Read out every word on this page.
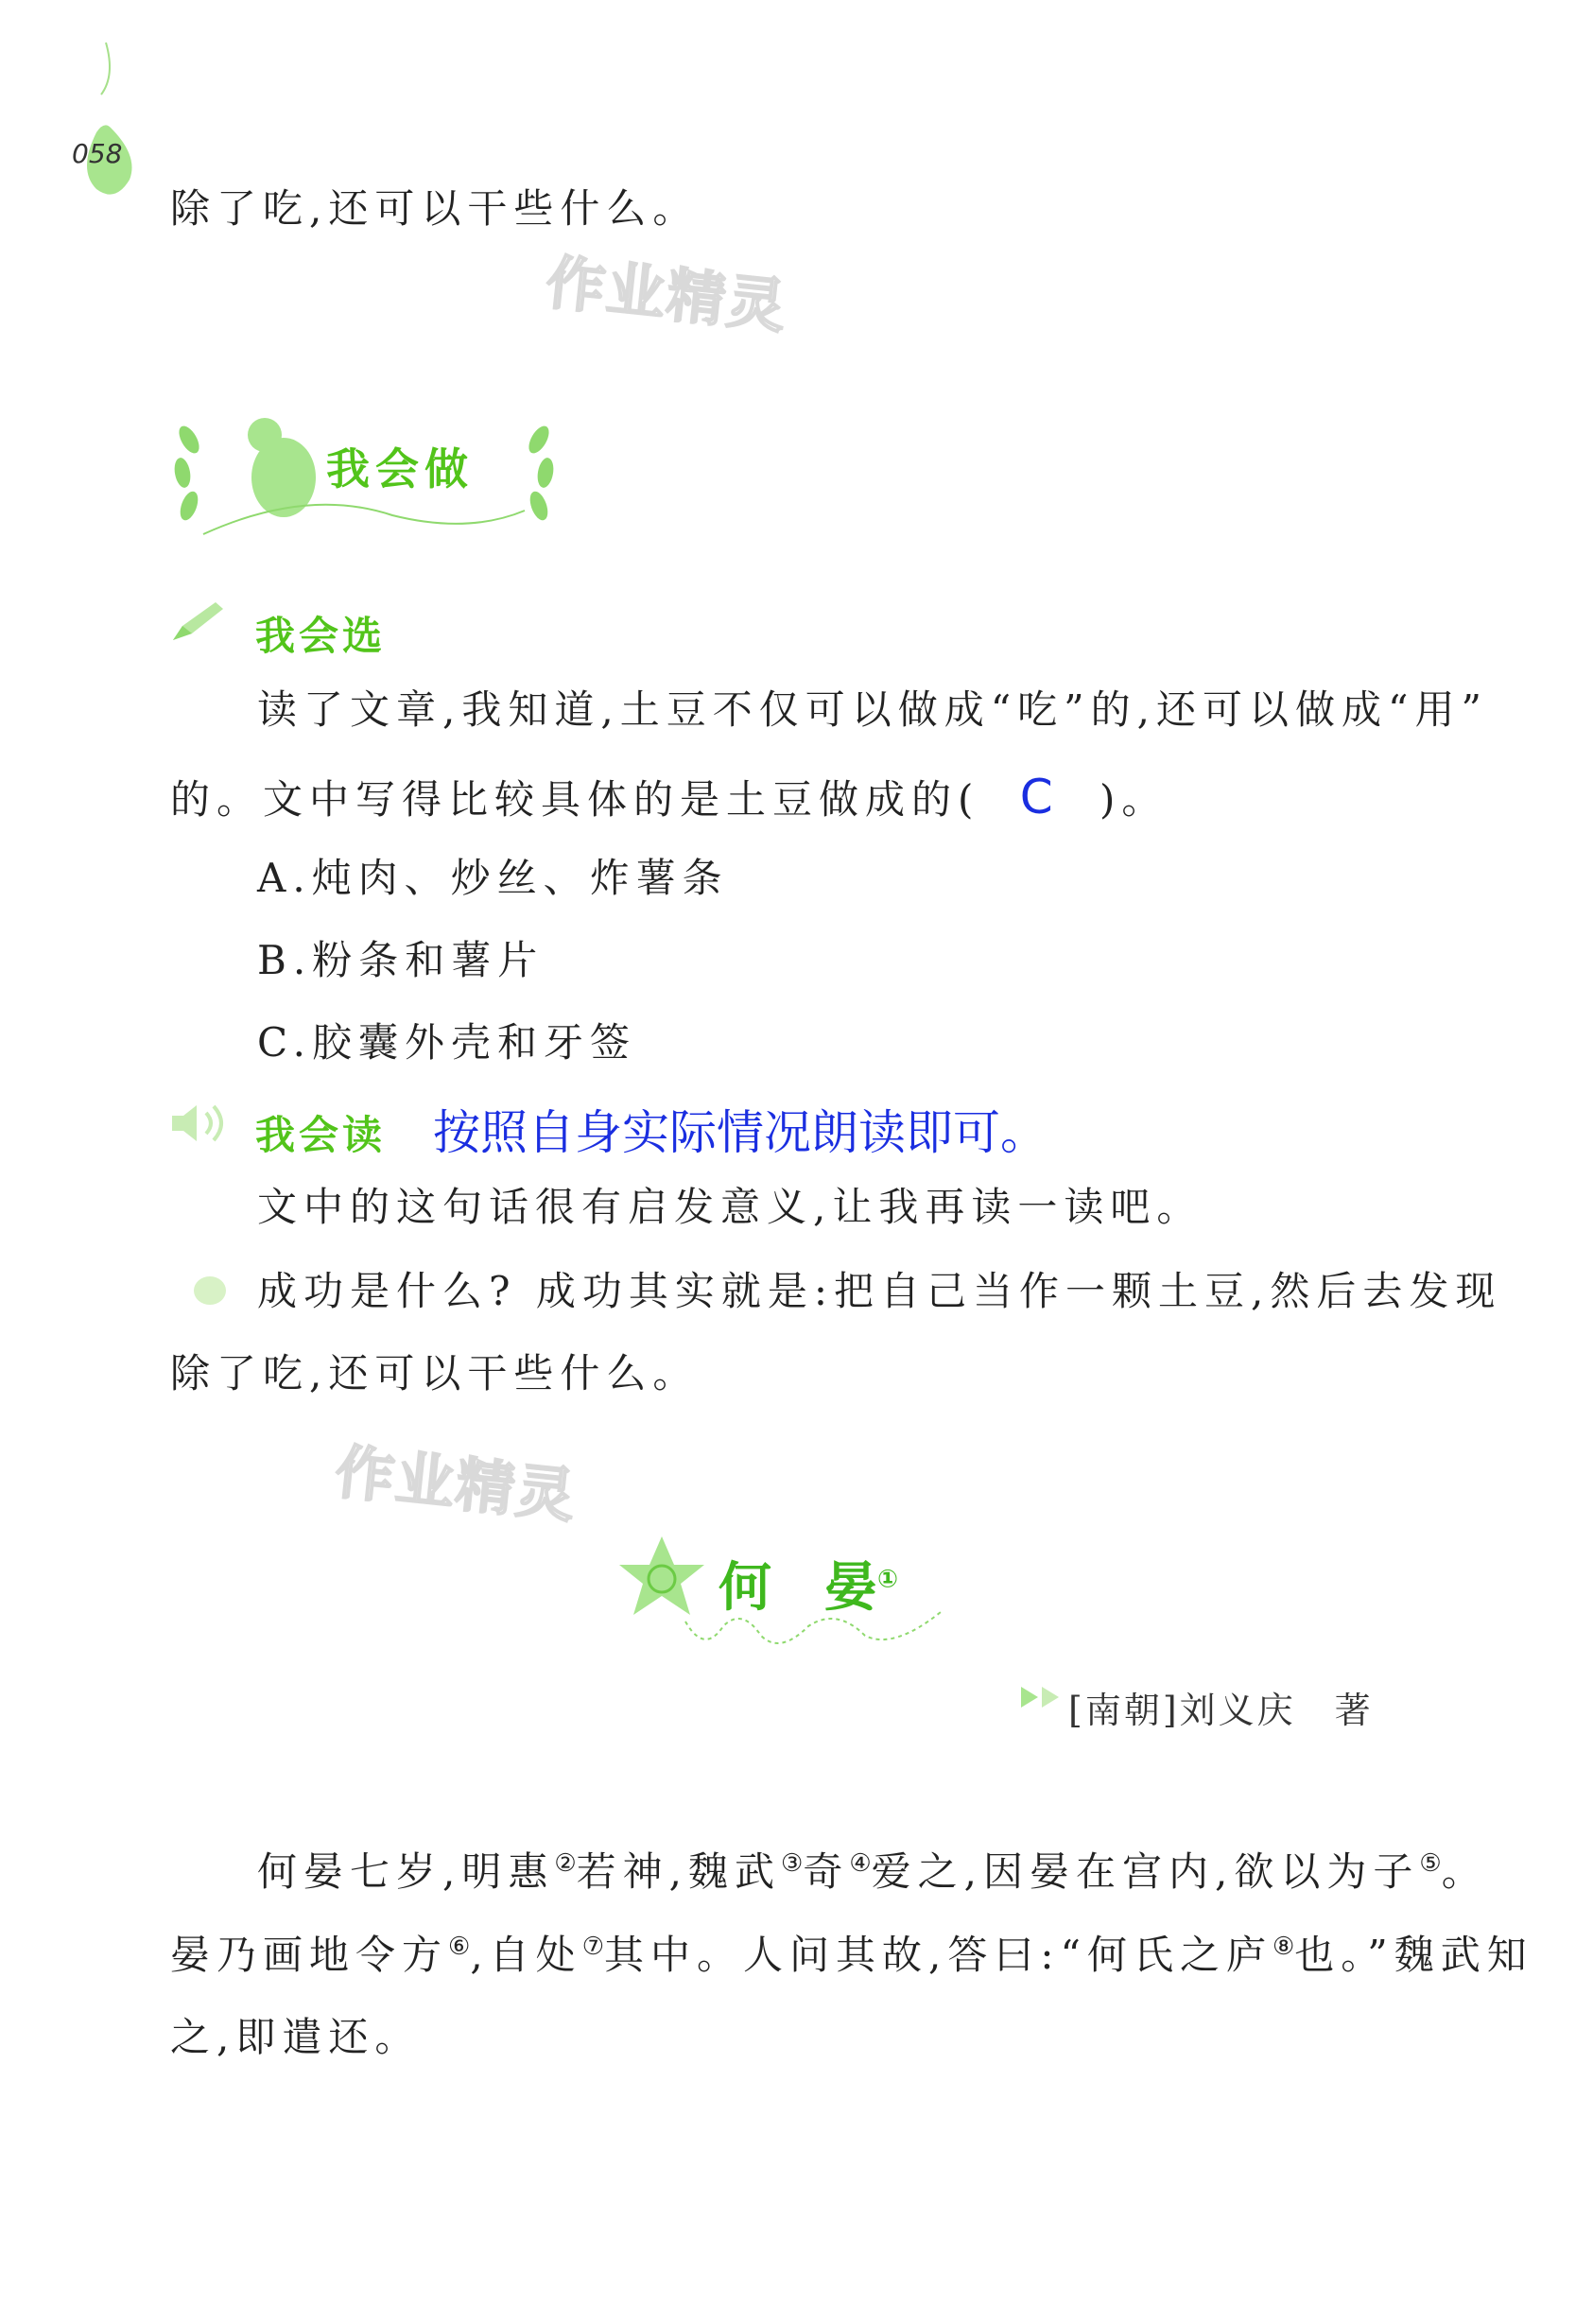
058
除了吃,还可以干些什么。
作业精灵
我会做
我会选
读了文章,我知道,土豆不仅可以做成“吃”的,还可以做成“用”
的。文中写得比较具体的是土豆做成的( C )。
A.炖肉、炒丝、炸薯条
B.粉条和薯片
C.胶囊外壳和牙签
我会读 按照自身实际情况朗读即可。
文中的这句话很有启发意义,让我再读一读吧。
成功是什么? 成功其实就是:把自己当作一颗土豆,然后去发现
除了吃,还可以干些什么。
作业精灵
何　晏①
[南朝]刘义庆　著
何晏七岁,明惠②若神,魏武③奇④爱之,因晏在宫内,欲以为子⑤。
晏乃画地令方⑥,自处⑦其中。人问其故,答曰:“何氏之庐⑧也。”魏武知
之,即遣还。
